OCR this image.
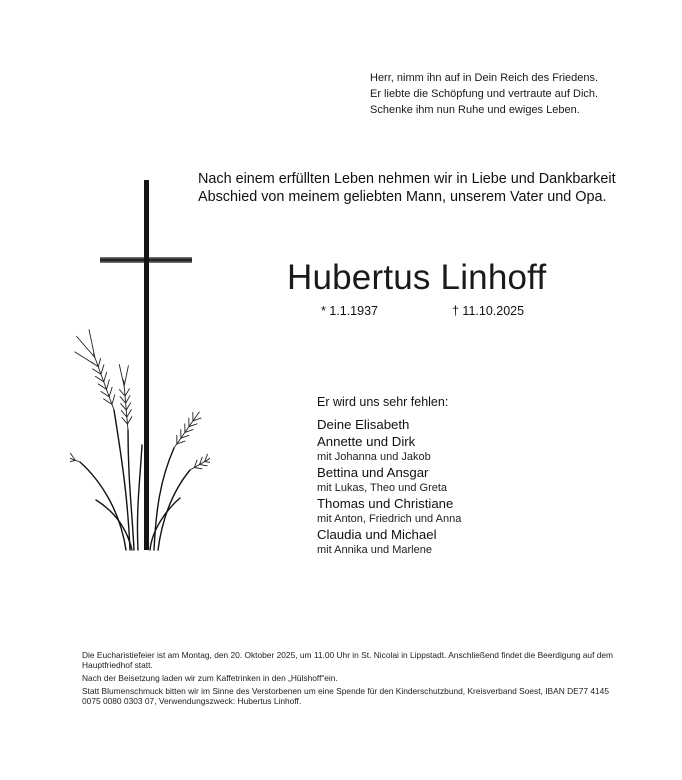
Herr, nimm ihn auf in Dein Reich des Friedens.
Er liebte die Schöpfung und vertraute auf Dich.
Schenke ihm nun Ruhe und ewiges Leben.
Nach einem erfüllten Leben nehmen wir in Liebe und Dankbarkeit
Abschied von meinem geliebten Mann, unserem Vater und Opa.
Hubertus Linhoff
* 1.1.1937	† 11.10.2025
Er wird uns sehr fehlen:
Deine Elisabeth
Annette und Dirk
mit Johanna und Jakob
Bettina und Ansgar
mit Lukas, Theo und Greta
Thomas und Christiane
mit Anton, Friedrich und Anna
Claudia und Michael
mit Annika und Marlene

Die Eucharistiefeier ist am Montag, den 20. Oktober 2025, um 11.00 Uhr in St. Nicolai in Lippstadt. Anschließend findet die Beerdigung auf dem Hauptfriedhof statt.

Nach der Beisetzung laden wir zum Kaffetrinken in den „Hülshoff“ein.

Statt Blumenschmuck bitten wir im Sinne des Verstorbenen um eine Spende für den Kinderschutzbund, Kreisverband Soest, IBAN DE77 4145 0075 0080 0303 07, Verwendungszweck: Hubertus Linhoff.
